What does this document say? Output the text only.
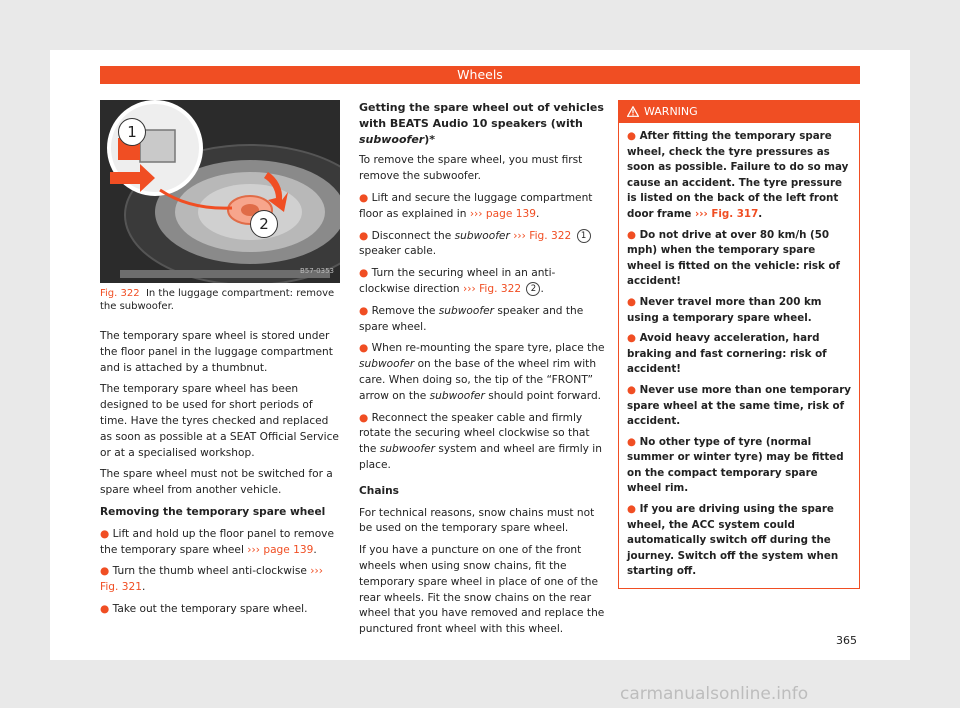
Wheels
1
2
B57-0353
Fig. 322 In the luggage compartment: remove the subwoofer.

The temporary spare wheel is stored under the floor panel in the luggage compartment and is attached by a thumbnut.

The temporary spare wheel has been designed to be used for short periods of time. Have the tyres checked and replaced as soon as possible at a SEAT Official Service or at a specialised workshop.

The spare wheel must not be switched for a spare wheel from another vehicle.

Removing the temporary spare wheel

● Lift and hold up the floor panel to remove the temporary spare wheel ››› page 139.

● Turn the thumb wheel anti-clockwise ››› Fig. 321.

● Take out the temporary spare wheel.

Getting the spare wheel out of vehicles with BEATS Audio 10 speakers (with subwoofer)*

To remove the spare wheel, you must first remove the subwoofer.

● Lift and secure the luggage compartment floor as explained in ››› page 139.

● Disconnect the subwoofer ››› Fig. 322 1 speaker cable.

● Turn the securing wheel in an anti-clockwise direction ››› Fig. 322 2 .

● Remove the subwoofer speaker and the spare wheel.

● When re-mounting the spare tyre, place the subwoofer on the base of the wheel rim with care. When doing so, the tip of the “FRONT” arrow on the subwoofer should point forward.

● Reconnect the speaker cable and firmly rotate the securing wheel clockwise so that the subwoofer system and wheel are firmly in place.

Chains

For technical reasons, snow chains must not be used on the temporary spare wheel.

If you have a puncture on one of the front wheels when using snow chains, fit the temporary spare wheel in place of one of the rear wheels. Fit the snow chains on the rear wheel that you have removed and replace the punctured front wheel with this wheel.

WARNING

● After fitting the temporary spare wheel, check the tyre pressures as soon as possible. Failure to do so may cause an accident. The tyre pressure is listed on the back of the left front door frame ››› Fig. 317.

● Do not drive at over 80 km/h (50 mph) when the temporary spare wheel is fitted on the vehicle: risk of accident!

● Never travel more than 200 km using a temporary spare wheel.

● Avoid heavy acceleration, hard braking and fast cornering: risk of accident!

● Never use more than one temporary spare wheel at the same time, risk of accident.

● No other type of tyre (normal summer or winter tyre) may be fitted on the compact temporary spare wheel rim.

● If you are driving using the spare wheel, the ACC system could automatically switch off during the journey. Switch off the system when starting off.

365
carmanualsonline.info
